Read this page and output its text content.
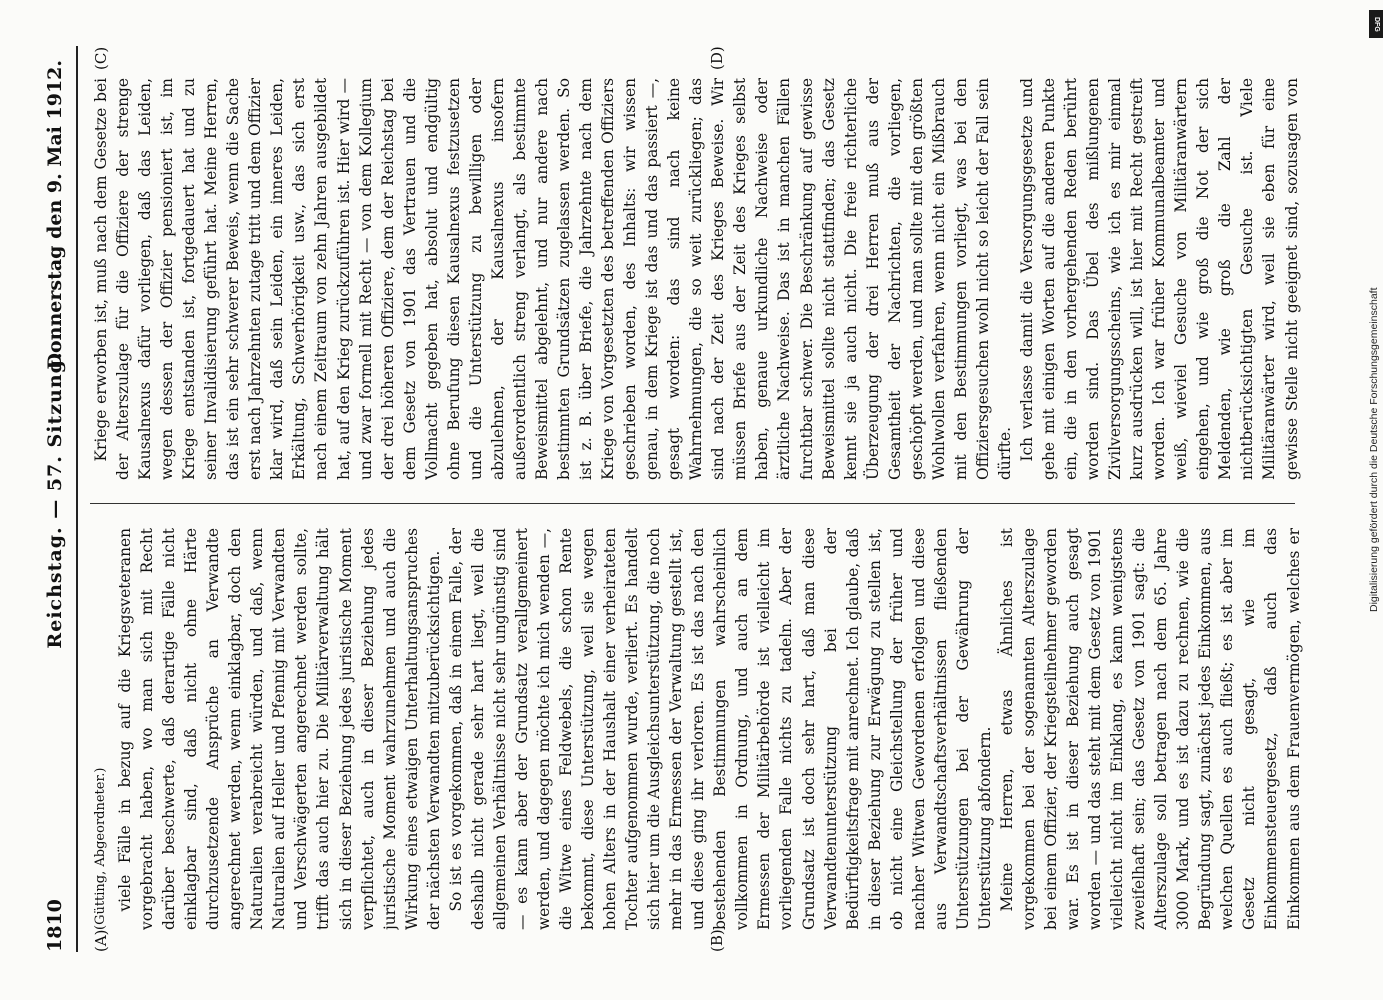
1810
Reichstag. — 57. Sitzung.
Donnerstag den 9. Mai 1912.
(A)	(B)
(C)	(D)
(Gütting, Abgeordneter.) viele Fälle in bezug auf die Kriegsveteranen vorgebracht haben, wo man sich mit Recht darüber beschwerte, daß derartige Fälle nicht einklagbar sind, daß nicht ohne Härte durchzusetzende Ansprüche an Verwandte angerechnet werden, wenn einklagbar, doch den Naturalien verabreicht würden, und daß, wenn Naturalien auf Heller und Pfennig mit Verwandten und Verschwägerten angerechnet werden sollte, trifft das auch hier zu. Die Militärverwaltung hält sich in dieser Beziehung jedes juristische Moment verpflichtet, auch in dieser Beziehung jedes juristische Moment wahrzunehmen und auch die Wirkung eines etwaigen Unterhaltungsanspruches der nächsten Verwandten mitzuberücksichtigen. So ist es vorgekommen, daß in einem Falle, der deshalb nicht gerade sehr hart liegt, weil die allgemeinen Verhältnisse nicht sehr ungünstig sind — es kann aber der Grundsatz verallgemeinert werden, und dagegen möchte ich mich wenden —, die Witwe eines Feldwebels, die schon Rente bekommt, diese Unterstützung, weil sie wegen hohen Alters in der Haushalt einer verheirateten Tochter aufgenommen wurde, verliert. Es handelt sich hier um die Ausgleichsunterstützung, die noch mehr in das Ermessen der Verwaltung gestellt ist, und diese ging ihr verloren. Es ist das nach den bestehenden Bestimmungen wahrscheinlich vollkommen in Ordnung, und auch an dem Ermessen der Militärbehörde ist vielleicht im vorliegenden Falle nichts zu tadeln. Aber der Grundsatz ist doch sehr hart, daß man diese Verwandtenunterstützung bei der Bedürftigkeitsfrage mit anrechnet. Ich glaube, daß in dieser Beziehung zur Erwägung zu stellen ist, ob nicht eine Gleichstellung der früher und nachher Witwen Gewordenen erfolgen und diese aus Verwandtschaftsverhältnissen fließenden Unterstützungen bei der Gewährung der Unterstützung abfondern. Meine Herren, etwas Ähnliches ist vorgekommen bei der sogenannten Alterszulage bei einem Offizier, der Kriegsteilnehmer geworden war. Es ist in dieser Beziehung auch gesagt worden — und das steht mit dem Gesetz von 1901 vielleicht nicht im Einklang, es kann wenigstens zweifelhaft sein; das Gesetz von 1901 sagt: die Alterszulage soll betragen nach dem 65. Jahre 3000 Mark, und es ist dazu zu rechnen, wie die Begründung sagt, zunächst jedes Einkommen, aus welchen Quellen es auch fließt; es ist aber im Gesetz nicht gesagt, wie im Einkommensteuergesetz, daß auch das Einkommen aus dem Frauenvermögen, welches er

Kriege erworben ist, muß nach dem Gesetze bei der Alterszulage für die Offiziere der strenge Kausalnexus dafür vorliegen, daß das Leiden, wegen dessen der Offizier pensioniert ist, im Kriege entstanden ist, fortgedauert hat und zu seiner Invalidisierung geführt hat. Meine Herren, das ist ein sehr schwerer Beweis, wenn die Sache erst nach Jahrzehnten zutage tritt und dem Offizier klar wird, daß sein Leiden, ein inneres Leiden, Erkältung, Schwerhörigkeit usw., das sich erst nach einem Zeitraum von zehn Jahren ausgebildet hat, auf den Krieg zurückzuführen ist. Hier wird — und zwar formell mit Recht — von dem Kollegium der drei höheren Offiziere, dem der Reichstag bei dem Gesetz von 1901 das Vertrauen und die Vollmacht gegeben hat, absolut und endgültig ohne Berufung diesen Kausalnexus festzusetzen und die Unterstützung zu bewilligen oder abzulehnen, der Kausalnexus insofern außerordentlich streng verlangt, als bestimmte Beweismittel abgelehnt, und nur andere nach bestimmten Grundsätzen zugelassen werden. So ist z. B. über Briefe, die Jahrzehnte nach dem Kriege von Vorgesetzten des betreffenden Offiziers geschrieben worden, des Inhalts: wir wissen genau, in dem Kriege ist das und das passiert —, gesagt worden: das sind nach keine Wahrnehmungen, die so weit zurückliegen; das sind nach der Zeit des Krieges Beweise. Wir müssen Briefe aus der Zeit des Krieges selbst haben, genaue urkundliche Nachweise oder ärztliche Nachweise. Das ist in manchen Fällen furchtbar schwer. Die Beschränkung auf gewisse Beweismittel sollte nicht stattfinden; das Gesetz kennt sie ja auch nicht. Die freie richterliche Überzeugung der drei Herren muß aus der Gesamtheit der Nachrichten, die vorliegen, geschöpft werden, und man sollte mit den größten Wohlwollen verfahren, wenn nicht ein Mißbrauch mit den Bestimmungen vorliegt, was bei den Offiziersgesuchen wohl nicht so leicht der Fall sein dürfte. Ich verlasse damit die Versorgungsgesetze und gehe mit einigen Worten auf die anderen Punkte ein, die in den vorhergehenden Reden berührt worden sind. Das Übel des mißlungenen Zivilversorgungsscheins, wie ich es mir einmal kurz ausdrücken will, ist hier mit Recht gestreift worden. Ich war früher Kommunalbeamter und weiß, wieviel Gesuche von Militäranwärtern eingehen, und wie groß die Not der sich Meldenden, wie groß die Zahl der nichtberücksichtigten Gesuche ist. Viele Militäranwärter wird, weil sie eben für eine gewisse Stelle nicht geeignet sind, sozusagen von

DFG
Digitalisierung gefördert durch die Deutsche Forschungsgemeinschaft
